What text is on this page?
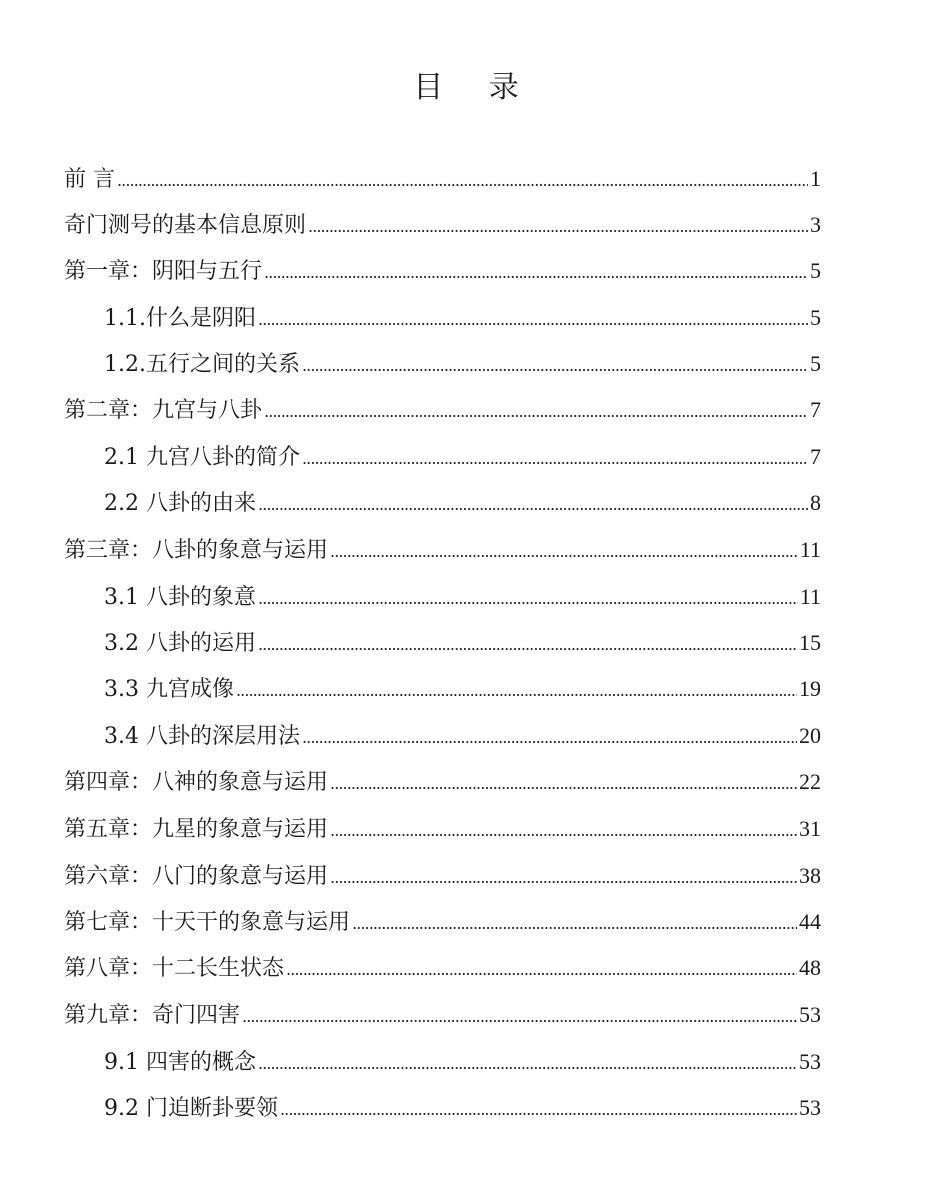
目 录
前 言 . . .	1
奇门测号的基本信息原则 . . .	3
第一章：阴阳与五行 . . .	5
1.1.什么是阴阳 . . .	5
1.2.五行之间的关系 . . .	5
第二章：九宫与八卦 . . .	7
2.1 九宫八卦的简介 . . .	7
2.2 八卦的由来 . . .	8
第三章：八卦的象意与运用 . . .	11
3.1 八卦的象意 . . .	11
3.2 八卦的运用 . . .	15
3.3 九宫成像 . . .	19
3.4 八卦的深层用法 . . .	20
第四章：八神的象意与运用 . . .	22
第五章：九星的象意与运用 . . .	31
第六章：八门的象意与运用 . . .	38
第七章：十天干的象意与运用 . . .	44
第八章：十二长生状态 . . .	48
第九章：奇门四害 . . .	53
9.1 四害的概念 . . .	53
9.2 门迫断卦要领 . . .	53
